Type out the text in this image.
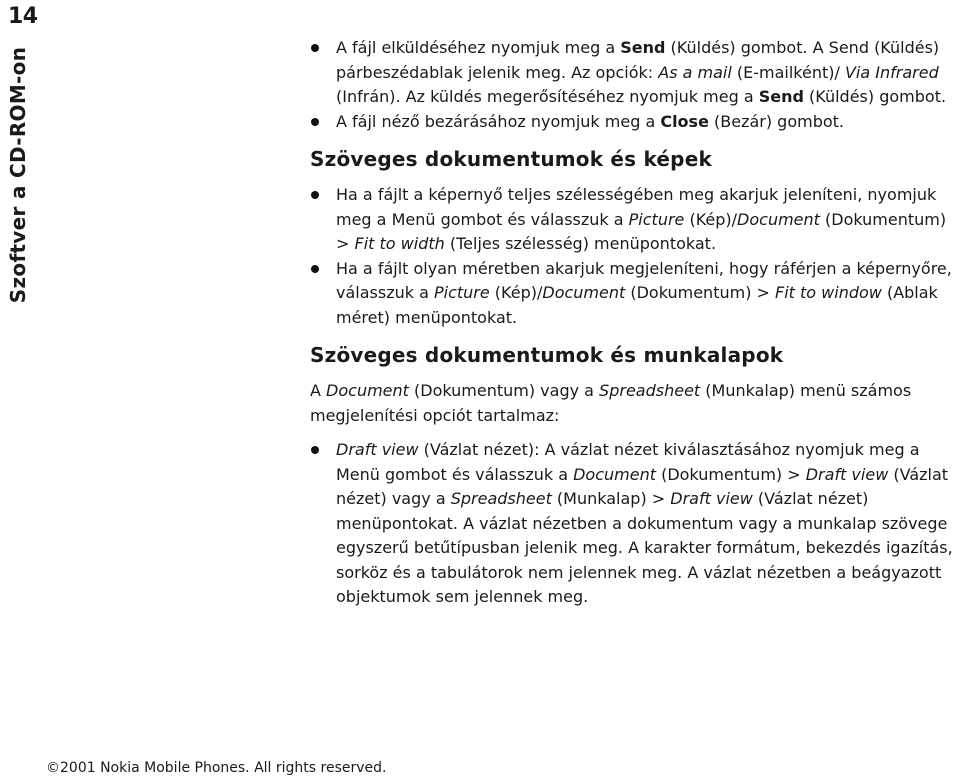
14
Szoftver a CD-ROM-on	A fájl elküldéséhez nyomjuk meg a Send (Küldés) gombot. A Send (Küldés) párbeszédablak jelenik meg. Az opciók: As a mail (E-mailként)/ Via Infrared (Infrán). Az küldés megerősítéséhez nyomjuk meg a Send (Küldés) gombot.
A fájl néző bezárásához nyomjuk meg a Close (Bezár) gombot.
Szöveges dokumentumok és képek
Ha a fájlt a képernyő teljes szélességében meg akarjuk jeleníteni, nyomjuk meg a Menü gombot és válasszuk a Picture (Kép)/Document (Dokumentum) > Fit to width (Teljes szélesség) menüpontokat.
Ha a fájlt olyan méretben akarjuk megjeleníteni, hogy ráférjen a képernyőre, válasszuk a Picture (Kép)/Document (Dokumentum) > Fit to window (Ablak méret) menüpontokat.
Szöveges dokumentumok és munkalapok

A Document (Dokumentum) vagy a Spreadsheet (Munkalap) menü számos megjelenítési opciót tartalmaz:

Draft view (Vázlat nézet): A vázlat nézet kiválasztásához nyomjuk meg a Menü gombot és válasszuk a Document (Dokumentum) > Draft view (Vázlat nézet) vagy a Spreadsheet (Munkalap) > Draft view (Vázlat nézet) menüpontokat. A vázlat nézetben a dokumentum vagy a munkalap szövege egyszerű betűtípusban jelenik meg. A karakter formátum, bekezdés igazítás, sorköz és a tabulátorok nem jelennek meg. A vázlat nézetben a beágyazott objektumok sem jelennek meg.
©2001 Nokia Mobile Phones. All rights reserved.
